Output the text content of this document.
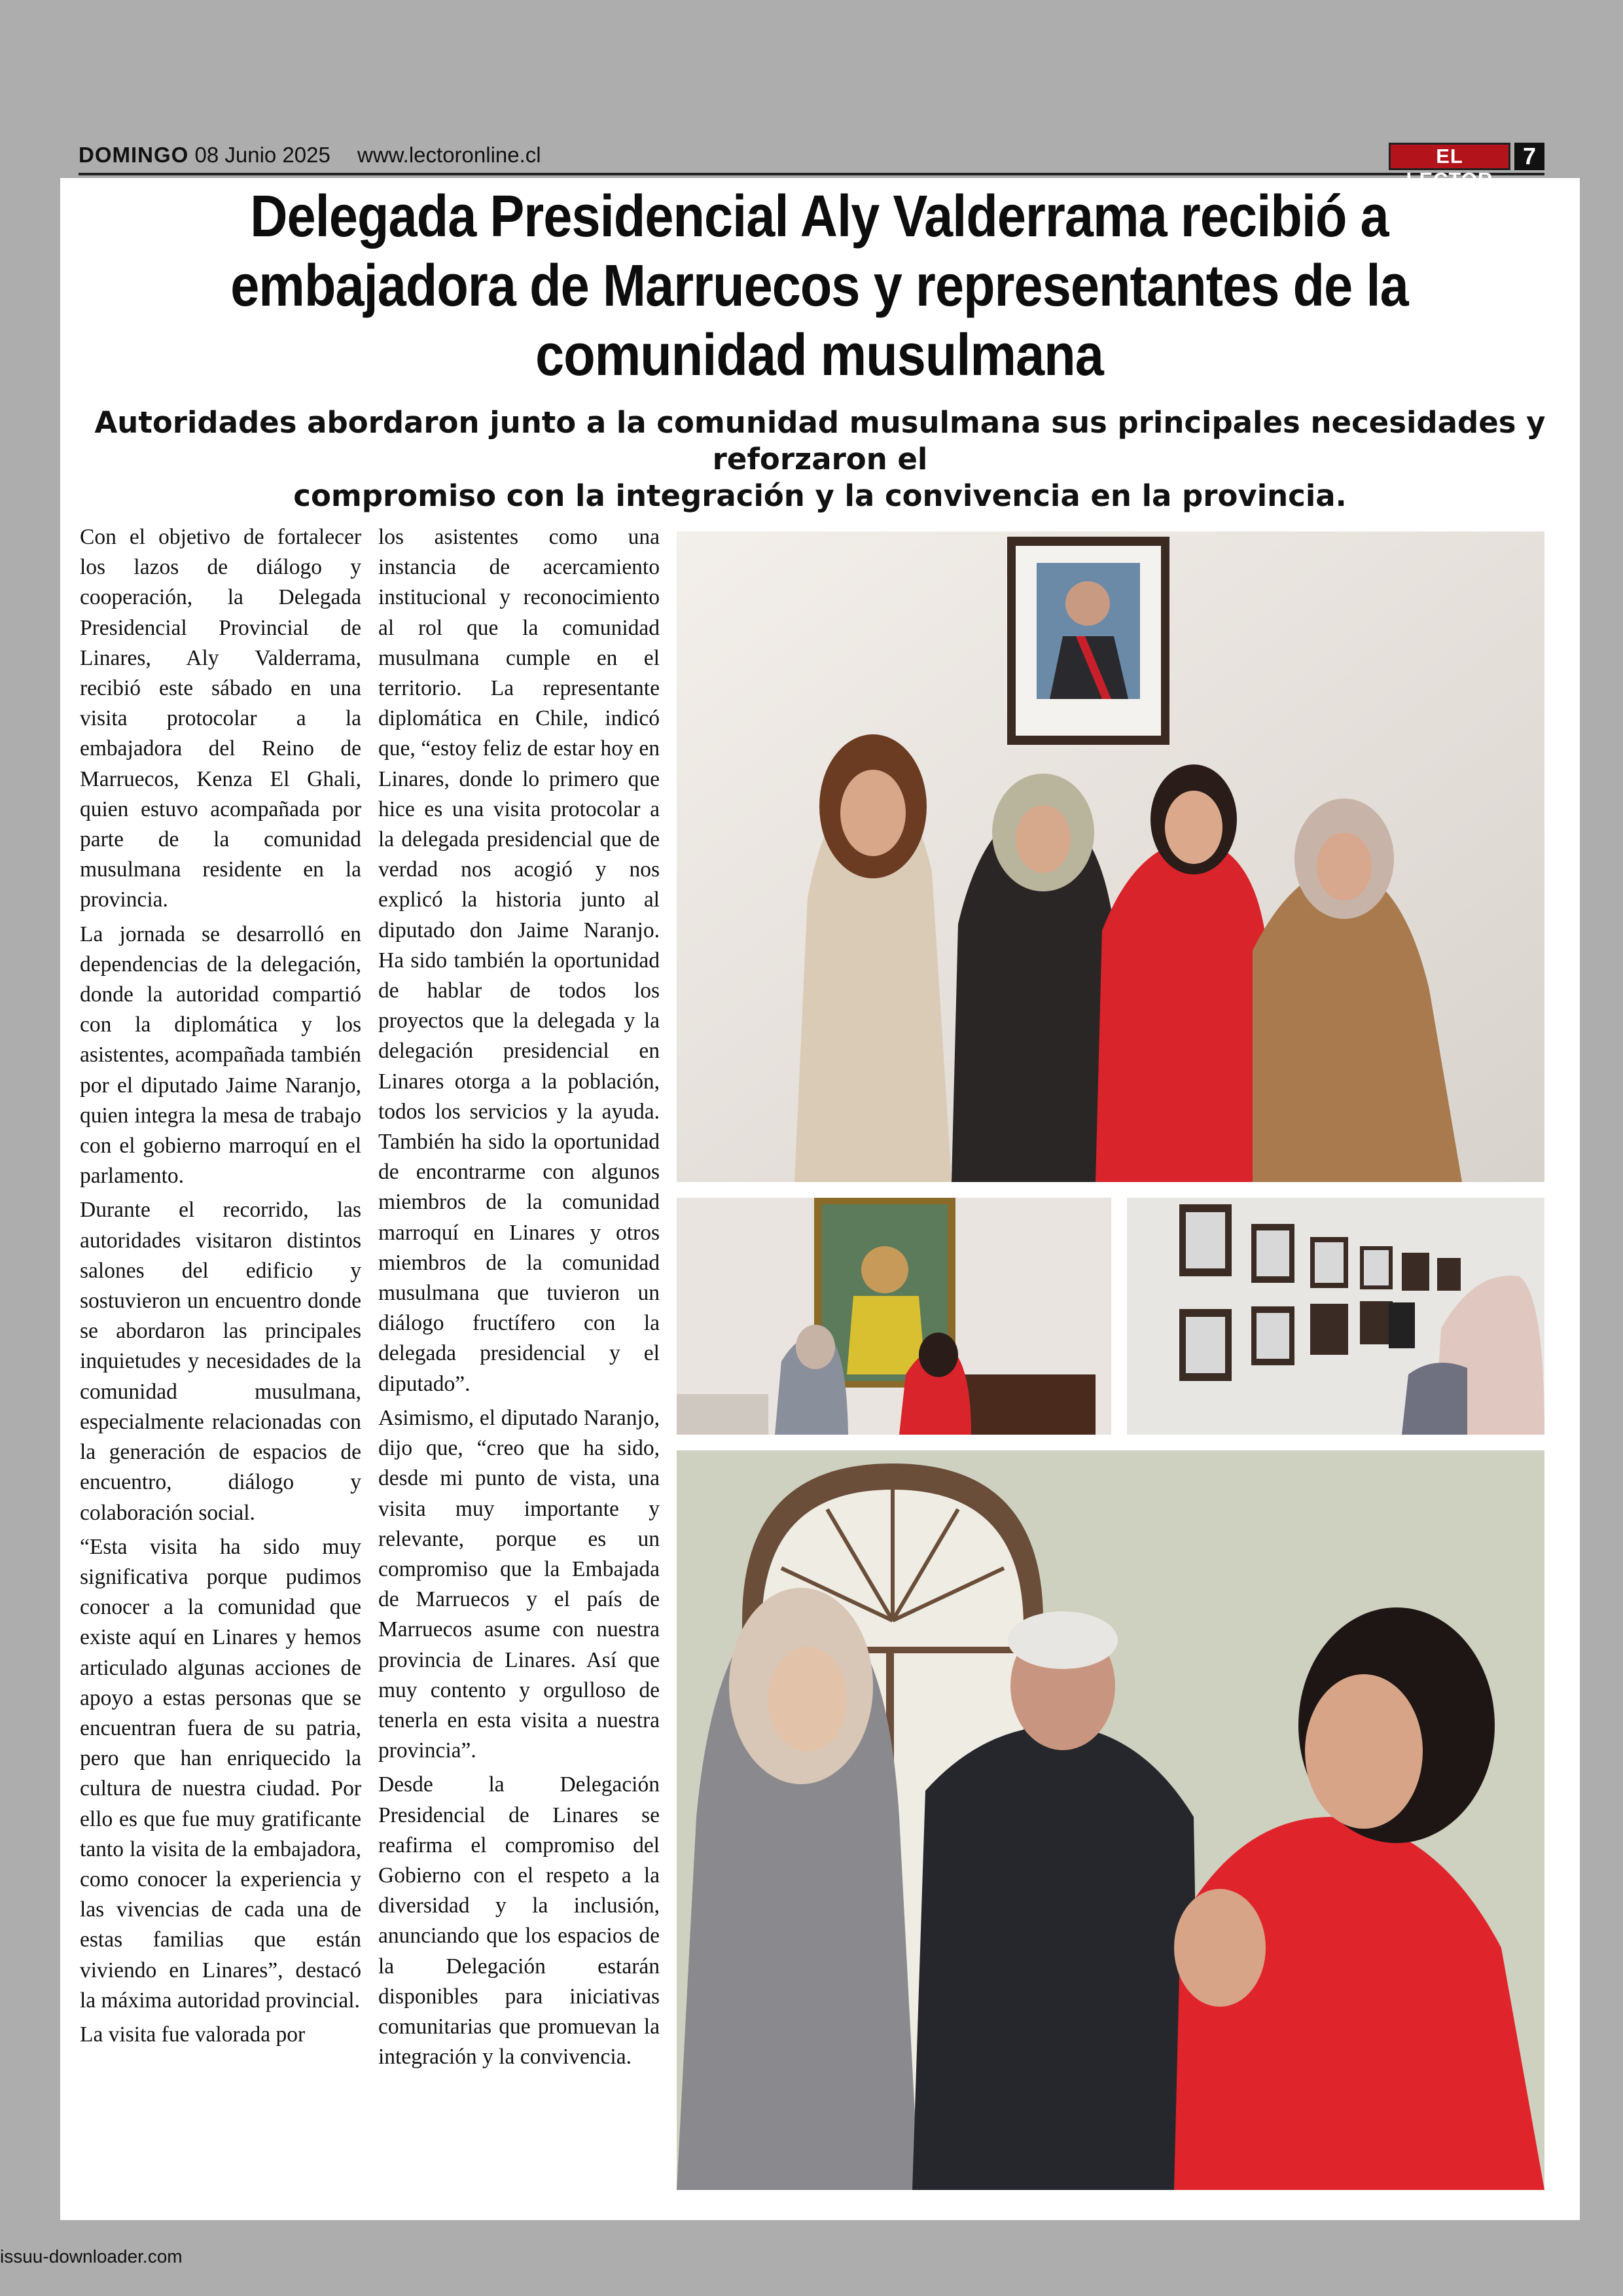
DOMINGO 08 Junio 2025 www.lectoronline.cl	EL	7
Delegada Presidencial Aly Valderrama recibió a
embajadora de Marruecos y representantes de la
comunidad musulmana
Autoridades abordaron junto a la comunidad musulmana sus principales necesidades y reforzaron el
compromiso con la integración y la convivencia en la provincia.

Con el objetivo de fortalecer los lazos de diálogo y cooperación, la Delegada Presidencial Provincial de Linares, Aly Valderrama, recibió este sábado en una visita protocolar a la embajadora del Reino de Marruecos, Kenza El Ghali, quien estuvo acompañada por parte de la comunidad musulmana residente en la provincia.

La jornada se desarrolló en dependencias de la delegación, donde la autoridad compartió con la diplomática y los asistentes, acompañada también por el diputado Jaime Naranjo, quien integra la mesa de trabajo con el gobierno marroquí en el parlamento.

Durante el recorrido, las autoridades visitaron distintos salones del edificio y sostuvieron un encuentro donde se abordaron las principales inquietudes y necesidades de la comunidad musulmana, especialmente relacionadas con la generación de espacios de encuentro, diálogo y colaboración social.

“Esta visita ha sido muy significativa porque pudimos conocer a la comunidad que existe aquí en Linares y hemos articulado algunas acciones de apoyo a estas personas que se encuentran fuera de su patria, pero que han enriquecido la cultura de nuestra ciudad. Por ello es que fue muy gratificante tanto la visita de la embajadora, como conocer la experiencia y las vivencias de cada una de estas familias que están viviendo en Linares”, destacó la máxima autoridad provincial.

La visita fue valorada por

los asistentes como una instancia de acercamiento institucional y reconocimiento al rol que la comunidad musulmana cumple en el territorio. La representante diplomática en Chile, indicó que, “estoy feliz de estar hoy en Linares, donde lo primero que hice es una visita protocolar a la delegada presidencial que de verdad nos acogió y nos explicó la historia junto al diputado don Jaime Naranjo. Ha sido también la oportunidad de hablar de todos los proyectos que la delegada y la delegación presidencial en Linares otorga a la población, todos los servicios y la ayuda. También ha sido la oportunidad de encontrarme con algunos miembros de la comunidad marroquí en Linares y otros miembros de la comunidad musulmana que tuvieron un diálogo fructífero con la delegada presidencial y el diputado”.

Asimismo, el diputado Naranjo, dijo que, “creo que ha sido, desde mi punto de vista, una visita muy importante y relevante, porque es un compromiso que la Embajada de Marruecos y el país de Marruecos asume con nuestra provincia de Linares. Así que muy contento y orgulloso de tenerla en esta visita a nuestra provincia”.

Desde la Delegación Presidencial de Linares se reafirma el compromiso del Gobierno con el respeto a la diversidad y la inclusión, anunciando que los espacios de la Delegación estarán disponibles para iniciativas comunitarias que promuevan la integración y la convivencia.

issuu-downloader.com
